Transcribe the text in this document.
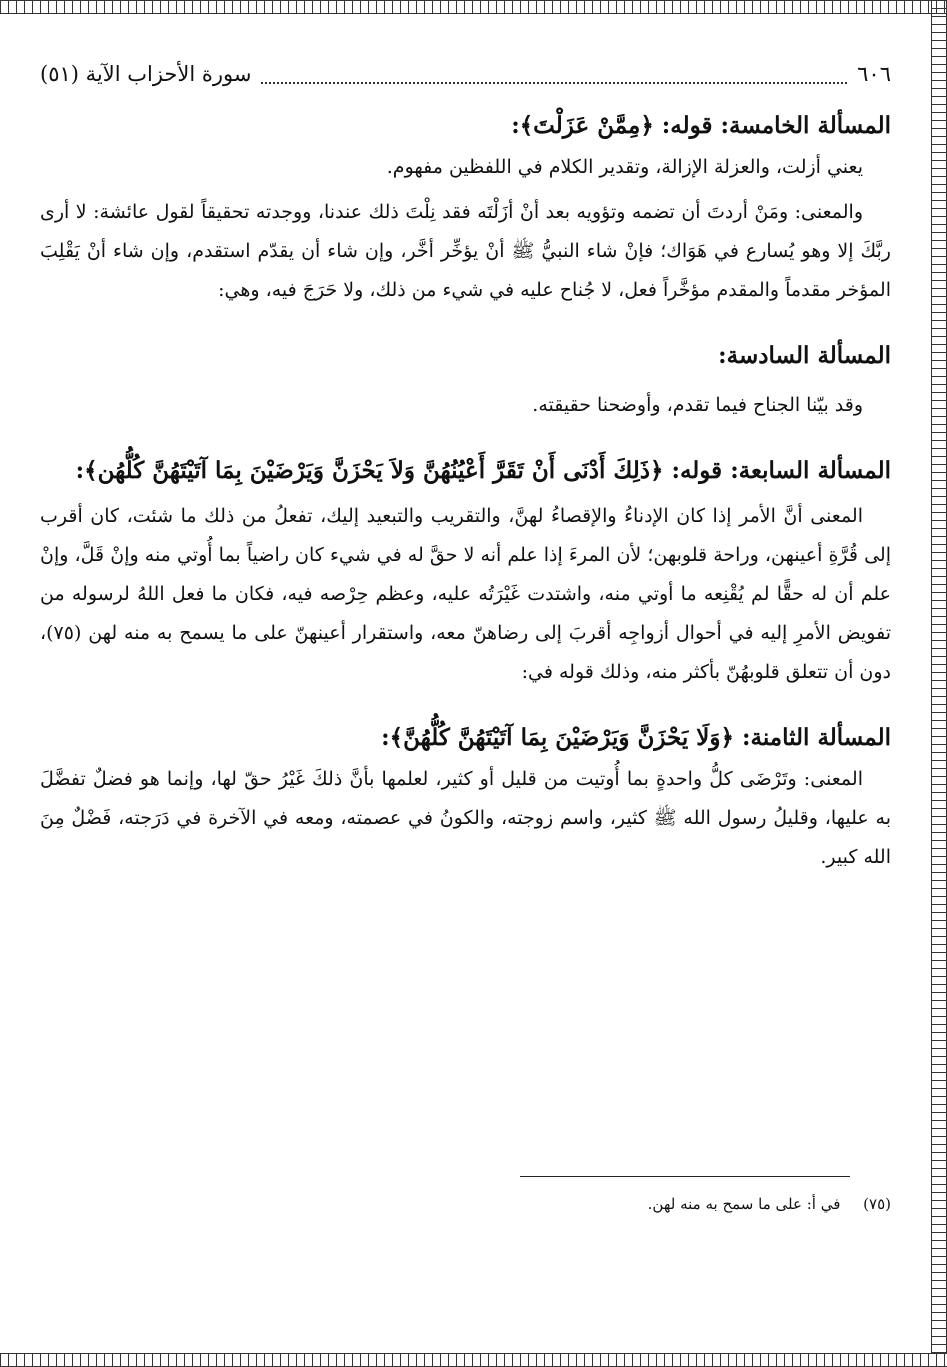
٦٠٦
سورة الأحزاب الآية (٥١)
المسألة الخامسة: قوله: ﴿مِمَّنْ عَزَلْتَ﴾:

يعني أزلت، والعزلة الإزالة، وتقدير الكلام في اللفظين مفهوم.

والمعنى: ومَنْ أردتَ أن تضمه وتؤويه بعد أنْ أزَلْتَه فقد نِلْتَ ذلك عندنا، ووجدته تحقيقاً لقول عائشة: لا أرى ربَّكَ إلا وهو يُسارع في هَوَاك؛ فإنْ شاء النبيُّ ﷺ أنْ يؤخِّر أخَّر، وإن شاء أن يقدّم استقدم، وإن شاء أنْ يَقْلِبَ المؤخر مقدماً والمقدم مؤخَّراً فعل، لا جُناح عليه في شيء من ذلك، ولا حَرَجَ فيه، وهي:

المسألة السادسة:

وقد بيّنا الجناح فيما تقدم، وأوضحنا حقيقته.

المسألة السابعة: قوله: ﴿ذَلِكَ أَدْنَى أَنْ تَقَرَّ أَعْيُنُهُنَّ وَلاَ يَحْزَنَّ وَيَرْضَيْنَ بِمَا آتَيْتَهُنَّ كُلُّهُن﴾:

المعنى أنَّ الأمر إذا كان الإدناءُ والإقصاءُ لهنَّ، والتقريب والتبعيد إليك، تفعلُ من ذلك ما شئت، كان أقرب إلى قُرَّةِ أعينهن، وراحة قلوبهن؛ لأن المرءَ إذا علم أنه لا حقَّ له في شيء كان راضياً بما أُوتي منه وإنْ قَلَّ، وإنْ علم أن له حقًّا لم يُقْنِعه ما أوتي منه، واشتدت غَيْرَتُه عليه، وعظم حِرْصه فيه، فكان ما فعل اللهُ لرسوله من تفويض الأمرِ إليه في أحوال أزواجِه أقربَ إلى رضاهنّ معه، واستقرار أعينهنّ على ما يسمح به منه لهن (٧٥)، دون أن تتعلق قلوبهُنّ بأكثر منه، وذلك قوله في:

المسألة الثامنة: ﴿وَلَا يَحْزَنَّ وَيَرْضَيْنَ بِمَا آتَيْتَهُنَّ كُلُّهُنَّ﴾:

المعنى: وتَرْضَى كلُّ واحدةٍ بما أُوتيت من قليل أو كثير، لعلمها بأنَّ ذلكَ غَيْرُ حقّ لها، وإنما هو فضلٌ تفضَّلَ به عليها، وقليلُ رسول الله ﷺ كثير، واسم زوجته، والكونُ في عصمته، ومعه في الآخرة في دَرَجته، فَضْلٌ مِنَ الله كبير.

(٧٥) في أ: على ما سمح به منه لهن.
